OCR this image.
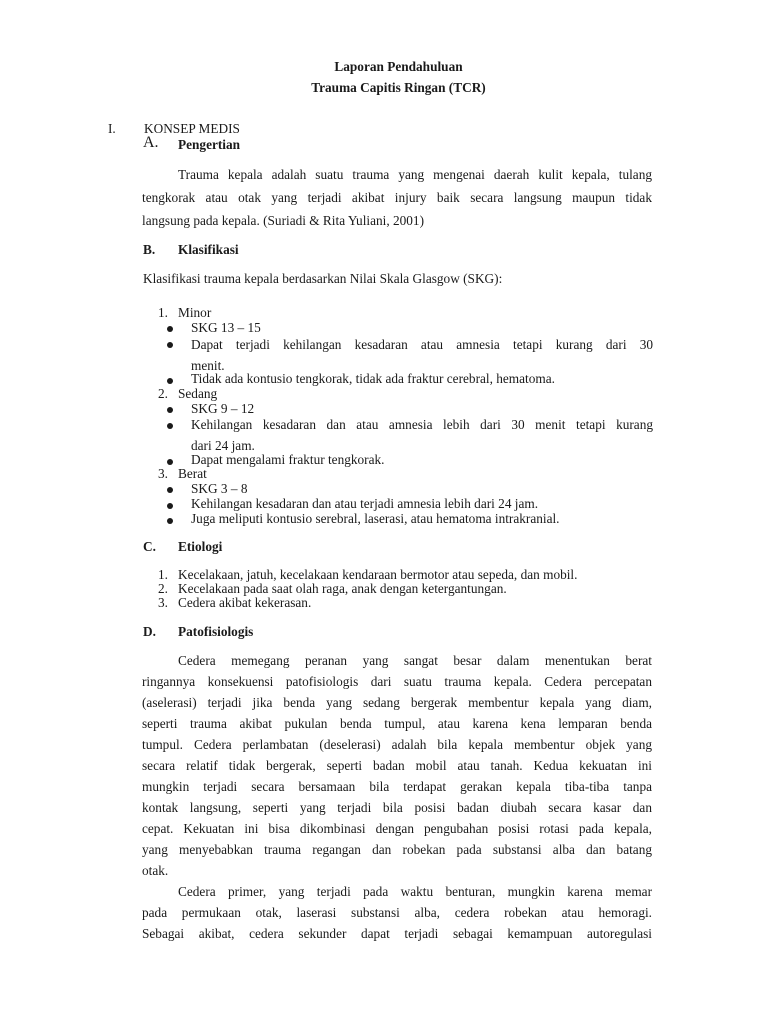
Laporan Pendahuluan
Trauma Capitis Ringan (TCR)
I. KONSEP MEDIS
A. Pengertian
Trauma kepala adalah suatu trauma yang mengenai daerah kulit kepala, tulang
tengkorak atau otak yang terjadi akibat injury baik secara langsung maupun tidak
langsung pada kepala. (Suriadi & Rita Yuliani, 2001)
B. Klasifikasi
Klasifikasi trauma kepala berdasarkan Nilai Skala Glasgow (SKG):
1. Minor
SKG 13 – 15
Dapat terjadi kehilangan kesadaran atau amnesia tetapi kurang dari 30
menit.
Tidak ada kontusio tengkorak, tidak ada fraktur cerebral, hematoma.
2. Sedang
SKG 9 – 12
Kehilangan kesadaran dan atau amnesia lebih dari 30 menit tetapi kurang
dari 24 jam.
Dapat mengalami fraktur tengkorak.
3. Berat
SKG 3 – 8
Kehilangan kesadaran dan atau terjadi amnesia lebih dari 24 jam.
Juga meliputi kontusio serebral, laserasi, atau hematoma intrakranial.
C. Etiologi
1. Kecelakaan, jatuh, kecelakaan kendaraan bermotor atau sepeda, dan mobil.
2. Kecelakaan pada saat olah raga, anak dengan ketergantungan.
3. Cedera akibat kekerasan.
D. Patofisiologis
Cedera memegang peranan yang sangat besar dalam menentukan berat
ringannya konsekuensi patofisiologis dari suatu trauma kepala. Cedera percepatan
(aselerasi) terjadi jika benda yang sedang bergerak membentur kepala yang diam,
seperti trauma akibat pukulan benda tumpul, atau karena kena lemparan benda
tumpul. Cedera perlambatan (deselerasi) adalah bila kepala membentur objek yang
secara relatif tidak bergerak, seperti badan mobil atau tanah. Kedua kekuatan ini
mungkin terjadi secara bersamaan bila terdapat gerakan kepala tiba-tiba tanpa
kontak langsung, seperti yang terjadi bila posisi badan diubah secara kasar dan
cepat. Kekuatan ini bisa dikombinasi dengan pengubahan posisi rotasi pada kepala,
yang menyebabkan trauma regangan dan robekan pada substansi alba dan batang
otak.
Cedera primer, yang terjadi pada waktu benturan, mungkin karena memar
pada permukaan otak, laserasi substansi alba, cedera robekan atau hemoragi.
Sebagai akibat, cedera sekunder dapat terjadi sebagai kemampuan autoregulasi
